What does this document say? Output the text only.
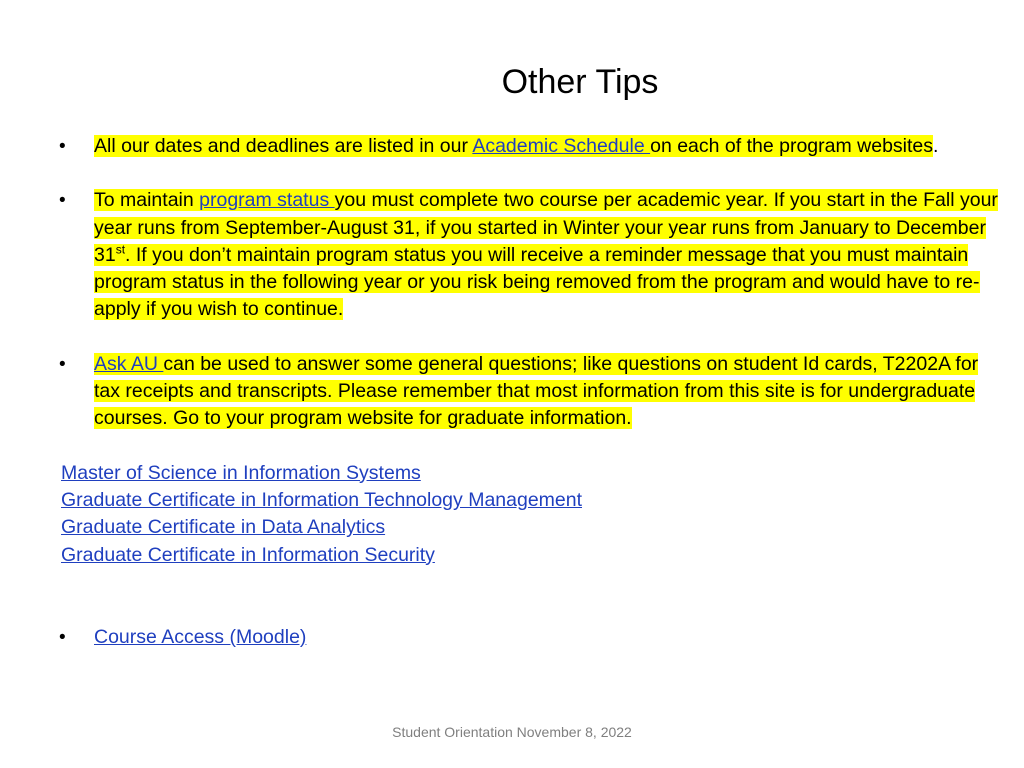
Other Tips
• All our dates and deadlines are listed in our Academic Schedule on each of the program websites.
• To maintain program status you must complete two course per academic year. If you start in the Fall your year runs from September-August 31, if you started in Winter your year runs from January to December 31st. If you don’t maintain program status you will receive a reminder message that you must maintain program status in the following year or you risk being removed from the program and would have to re-apply if you wish to continue.
• Ask AU can be used to answer some general questions; like questions on student Id cards, T2202A for tax receipts and transcripts. Please remember that most information from this site is for undergraduate courses. Go to your program website for graduate information.
Master of Science in Information Systems
Graduate Certificate in Information Technology Management
Graduate Certificate in Data Analytics
Graduate Certificate in Information Security
• Course Access (Moodle)
Student Orientation November 8, 2022
